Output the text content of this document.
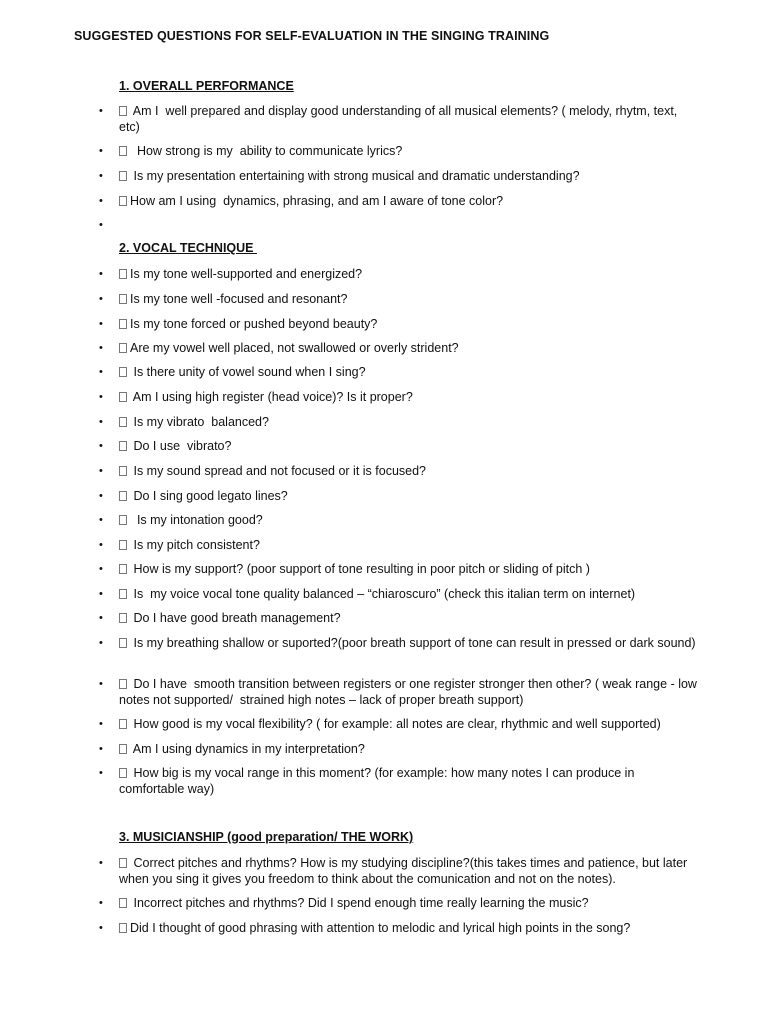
SUGGESTED QUESTIONS FOR SELF-EVALUATION IN THE SINGING TRAINING
1. OVERALL PERFORMANCE
• Am I  well prepared and display good understanding of all musical elements? ( melody, rhytm, text, etc)
• How strong is my  ability to communicate lyrics?
• Is my presentation entertaining with strong musical and dramatic understanding?
• How am I using  dynamics, phrasing, and am I aware of tone color?
•
2. VOCAL TECHNIQUE
• Is my tone well-supported and energized?
• Is my tone well -focused and resonant?
• Is my tone forced or pushed beyond beauty?
• Are my vowel well placed, not swallowed or overly strident?
• Is there unity of vowel sound when I sing?
• Am I using high register (head voice)? Is it proper?
• Is my vibrato  balanced?
• Do I use  vibrato?
• Is my sound spread and not focused or it is focused?
• Do I sing good legato lines?
• Is my intonation good?
• Is my pitch consistent?
• How is my support? (poor support of tone resulting in poor pitch or sliding of pitch )
• Is  my voice vocal tone quality balanced – “chiaroscuro” (check this italian term on internet)
• Do I have good breath management?
• Is my breathing shallow or suported?(poor breath support of tone can result in pressed or dark sound)
• Do I have  smooth transition between registers or one register stronger then other? ( weak range - low notes not supported/  strained high notes – lack of proper breath support)
• How good is my vocal flexibility? ( for example: all notes are clear, rhythmic and well supported)
• Am I using dynamics in my interpretation?
• How big is my vocal range in this moment? (for example: how many notes I can produce in comfortable way)
3. MUSICIANSHIP (good preparation/ THE WORK)
• Correct pitches and rhythms? How is my studying discipline?(this takes times and patience, but later when you sing it gives you freedom to think about the comunication and not on the notes).
• Incorrect pitches and rhythms? Did I spend enough time really learning the music?
• Did I thought of good phrasing with attention to melodic and lyrical high points in the song?
